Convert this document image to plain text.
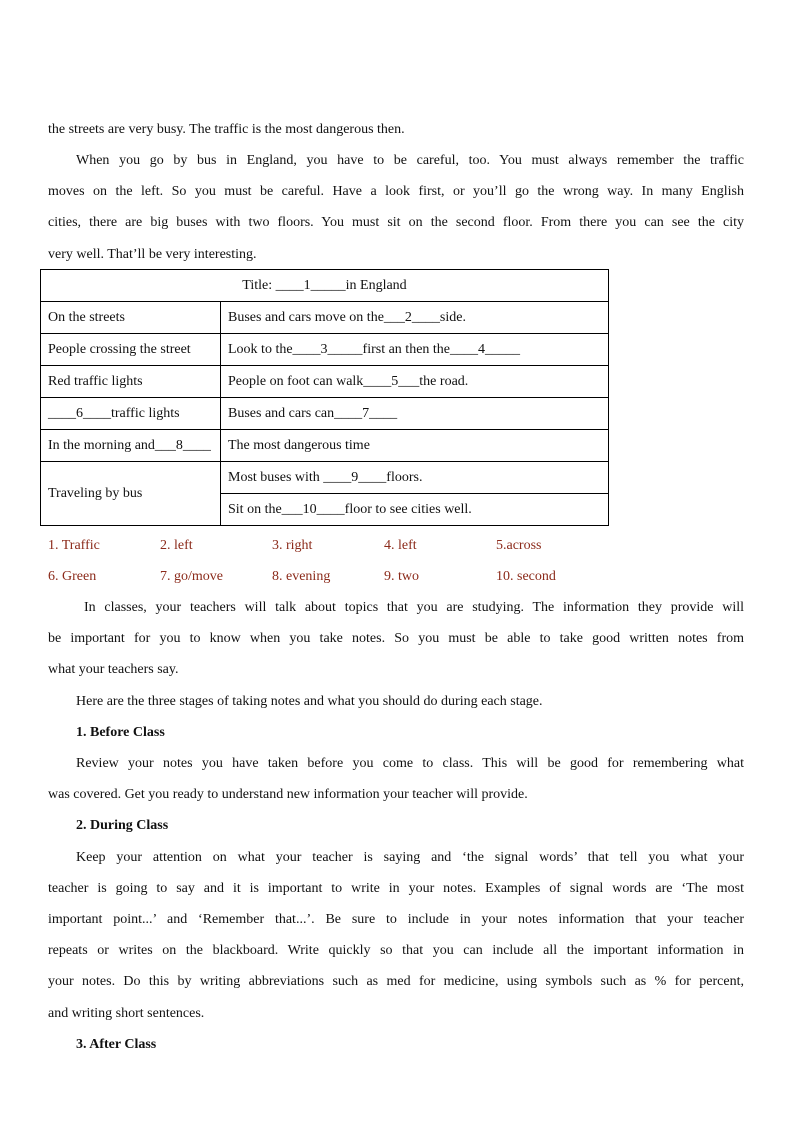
the streets are very busy. The traffic is the most dangerous then.
When you go by bus in England, you have to be careful, too. You must always remember the traffic
moves on the left. So you must be careful. Have a look first, or you’ll go the wrong way. In many English
cities, there are big buses with two floors. You must sit on the second floor. From there you can see the city
very well. That’ll be very interesting.
Title: ____1_____in England	
On the streets	Buses and cars move on the___2____side.
People crossing the street	Look to the____3_____first an then the____4_____
Red traffic lights	People on foot can walk____5___the road.
____6____traffic lights	Buses and cars can____7____
In the morning and___8____	The most dangerous time
Traveling by bus	Most buses with ____9____floors.
	Sit on the___10____floor to see cities well.
1. Traffic	2. left	3. right	4. left	5.across
6. Green	7. go/move	8. evening	9. two	10. second
In classes, your teachers will talk about topics that you are studying. The information they provide will
be important for you to know when you take notes. So you must be able to take good written notes from
what your teachers say.
Here are the three stages of taking notes and what you should do during each stage.
1. Before Class
Review your notes you have taken before you come to class. This will be good for remembering what
was covered. Get you ready to understand new information your teacher will provide.
2. During Class
Keep your attention on what your teacher is saying and ‘the signal words’ that tell you what your
teacher is going to say and it is important to write in your notes. Examples of signal words are ‘The most
important point...’ and ‘Remember that...’. Be sure to include in your notes information that your teacher
repeats or writes on the blackboard. Write quickly so that you can include all the important information in
your notes. Do this by writing abbreviations such as med for medicine, using symbols such as % for percent,
and writing short sentences.
3. After Class
